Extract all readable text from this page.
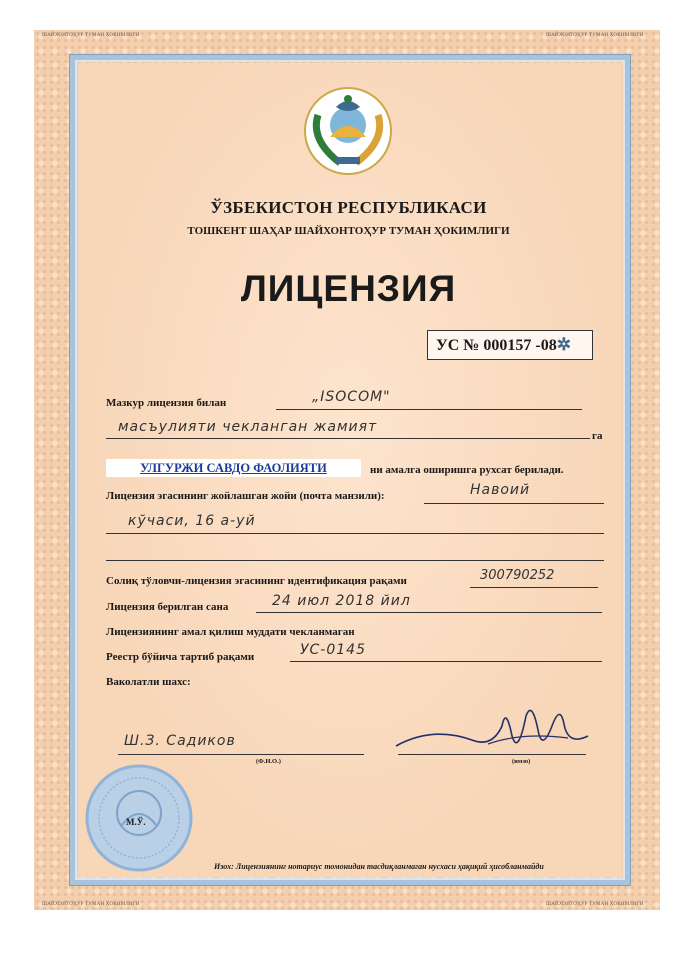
ШАЙХОНТОҲУР ТУМАН ҲОКИМЛИГИ	ШАЙХОНТОҲУР ТУМАН ҲОКИМЛИГИ
ШАЙХОНТОҲУР ТУМАН ҲОКИМЛИГИ	ШАЙХОНТОҲУР ТУМАН ҲОКИМЛИГИ
ЎЗБЕКИСТОН РЕСПУБЛИКАСИ
ТОШКЕНТ ШАҲАР ШАЙХОНТОҲУР ТУМАН ҲОКИМЛИГИ
ЛИЦЕНЗИЯ
УС № 000157 -08✲
Мазкур лицензия билан	„ISOCOM"
масъулияти чекланган жамият
га
УЛГУРЖИ САВДО ФАОЛИЯТИ	ни амалга оширишга рухсат берилади.
Лицензия эгасининг жойлашган жойи (почта манзили):	Навоий
кўчаси, 16 а-уй
Солиқ тўловчи-лицензия эгасининг идентификация рақами	300790252
Лицензия берилган сана	24 июл 2018 йил
Лицензиянинг амал қилиш муддати чекланмаган
Реестр бўйича тартиб рақами	УС-0145
Ваколатли шахс:
Ш.З. Садиков
(Ф.И.О.)	(имзо)
М.Ў.
Изох: Лицензиянинг нотариус томонидан тасдиқланмаган нусхаси ҳақиқий ҳисобланмайди
